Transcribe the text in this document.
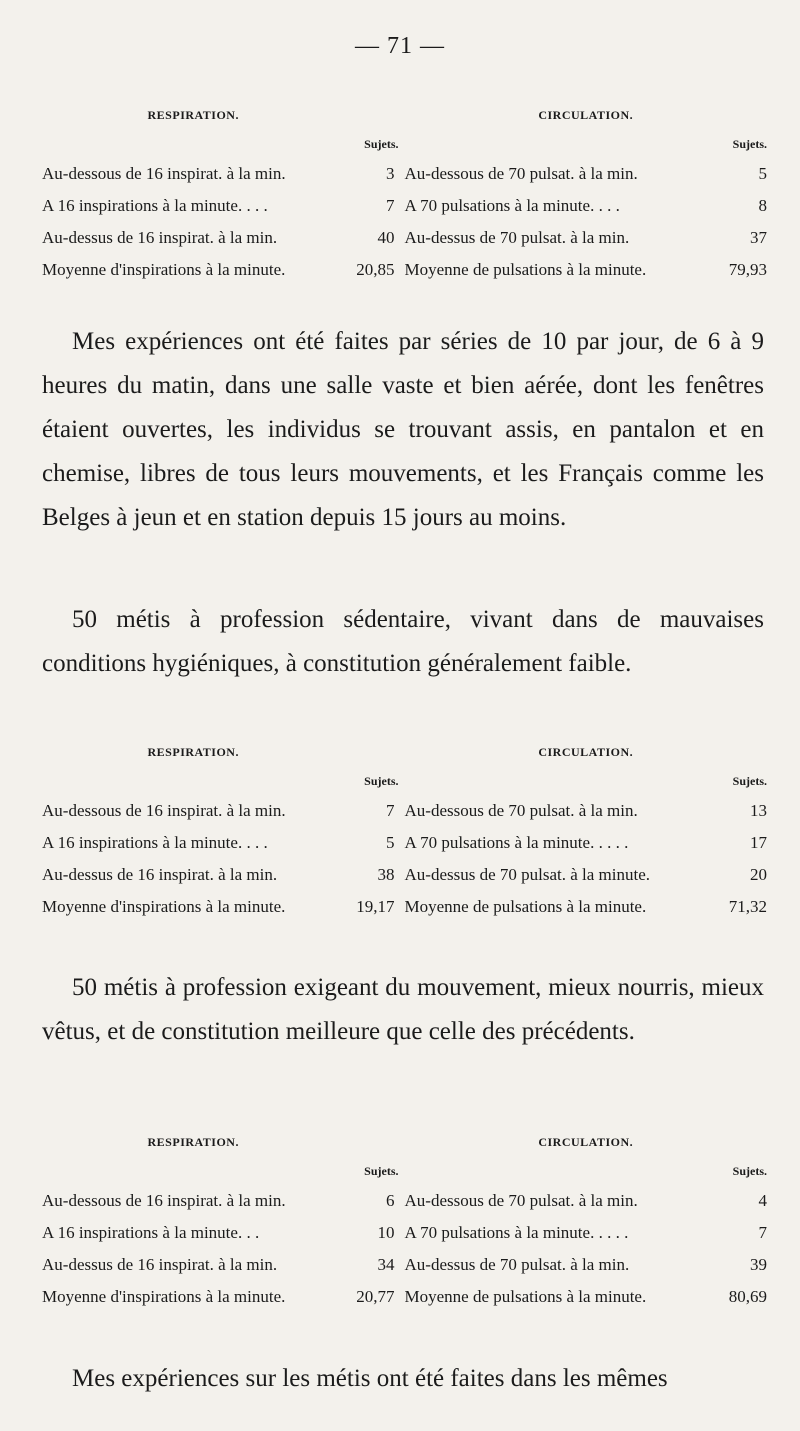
— 71 —
RESPIRATION.	CIRCULATION.
Sujets.	Sujets.
Au-dessous de 16 inspirat. à la min.	3 Au-dessous de 70 pulsat. à la min.	5
A 16 inspirations à la minute. . . .	7 A 70 pulsations à la minute. . . .	8
Au-dessus de 16 inspirat. à la min.	40 Au-dessus de 70 pulsat. à la min.	37
Moyenne d'inspirations à la minute.	20,85 Moyenne de pulsations à la minute.	79,93
Mes expériences ont été faites par séries de 10 par jour, de 6 à 9 heures du matin, dans une salle vaste et bien aérée, dont les fenêtres étaient ouvertes, les individus se trouvant assis, en pantalon et en chemise, libres de tous leurs mouvements, et les Français comme les Belges à jeun et en station depuis 15 jours au moins.
50 métis à profession sédentaire, vivant dans de mauvaises conditions hygiéniques, à constitution généralement faible.
RESPIRATION.	CIRCULATION.
Sujets.	Sujets.
Au-dessous de 16 inspirat. à la min.	7 Au-dessous de 70 pulsat. à la min.	13
A 16 inspirations à la minute. . . .	5 A 70 pulsations à la minute. . . . .	17
Au-dessus de 16 inspirat. à la min.	38 Au-dessus de 70 pulsat. à la minute.	20
Moyenne d'inspirations à la minute.	19,17 Moyenne de pulsations à la minute.	71,32
50 métis à profession exigeant du mouvement, mieux nourris, mieux vêtus, et de constitution meilleure que celle des précédents.
RESPIRATION.	CIRCULATION.
Sujets.	Sujets.
Au-dessous de 16 inspirat. à la min.	6 Au-dessous de 70 pulsat. à la min.	4
A 16 inspirations à la minute. . .	10 A 70 pulsations à la minute. . . . .	7
Au-dessus de 16 inspirat. à la min.	34 Au-dessus de 70 pulsat. à la min.	39
Moyenne d'inspirations à la minute.	20,77 Moyenne de pulsations à la minute.	80,69
Mes expériences sur les métis ont été faites dans les mêmes
